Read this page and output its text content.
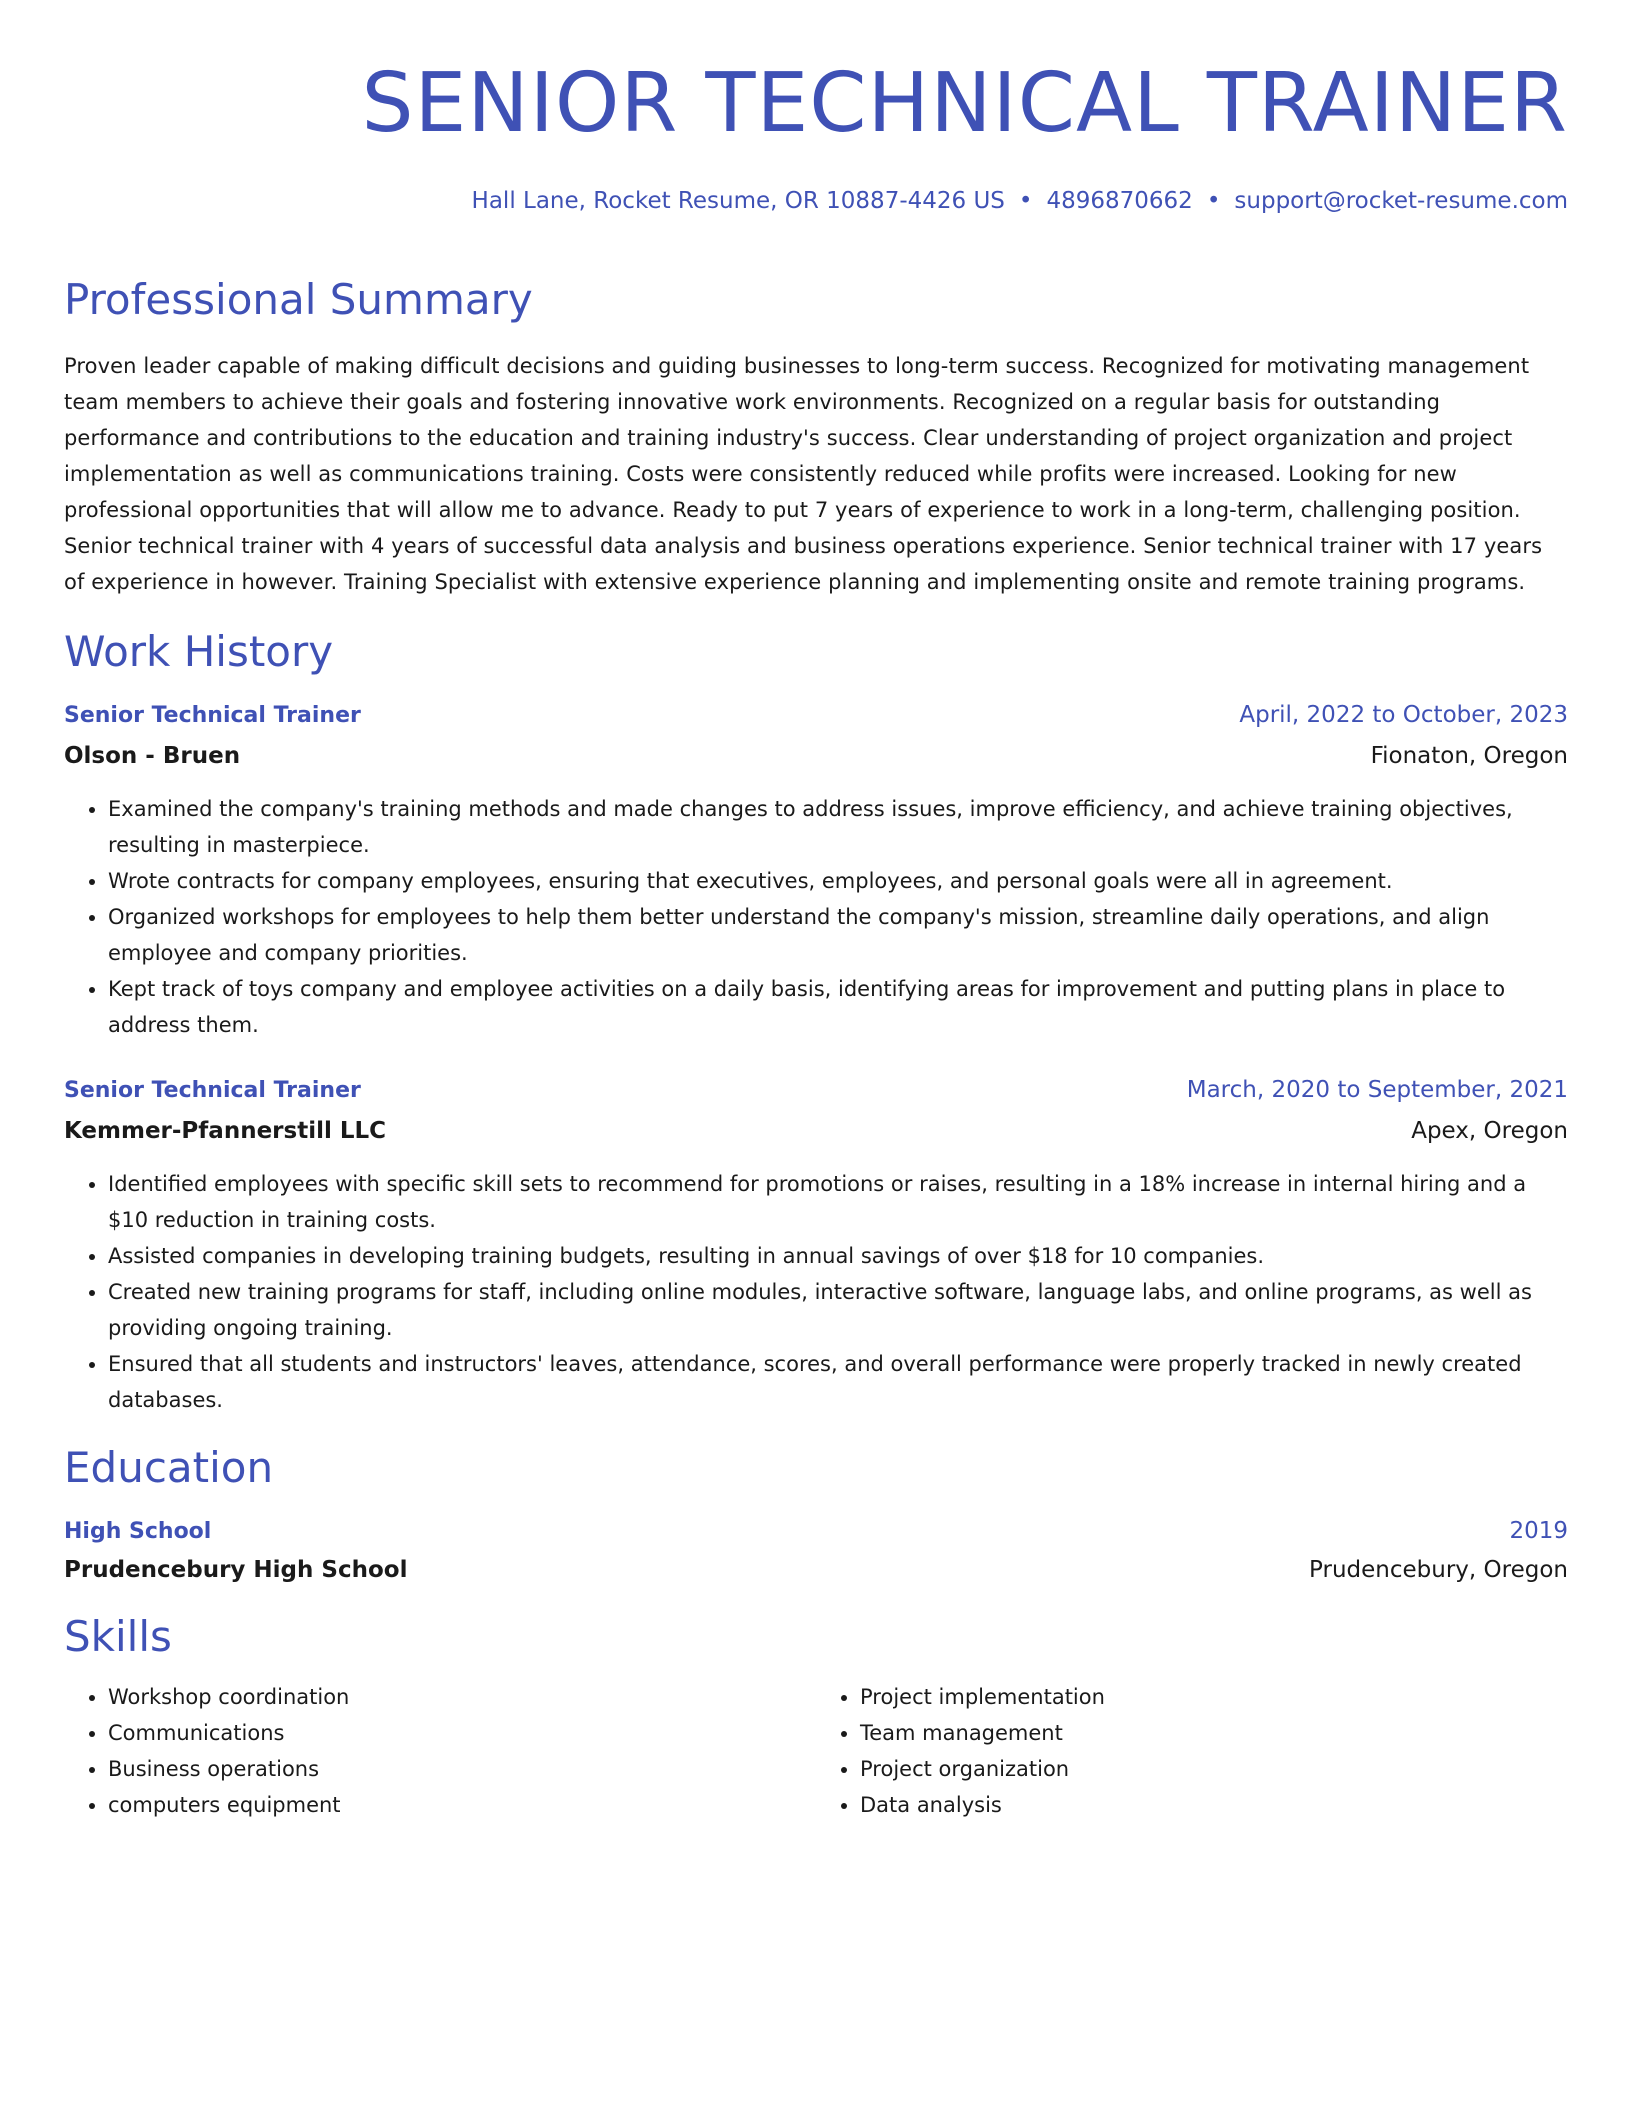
SENIOR TECHNICAL TRAINER
Hall Lane, Rocket Resume, OR 10887-4426 US • 4896870662 • support@rocket-resume.com
Professional Summary
Proven leader capable of making difficult decisions and guiding businesses to long-term success. Recognized for motivating management team members to achieve their goals and fostering innovative work environments. Recognized on a regular basis for outstanding performance and contributions to the education and training industry's success. Clear understanding of project organization and project implementation as well as communications training. Costs were consistently reduced while profits were increased. Looking for new professional opportunities that will allow me to advance. Ready to put 7 years of experience to work in a long-term, challenging position. Senior technical trainer with 4 years of successful data analysis and business operations experience. Senior technical trainer with 17 years of experience in however. Training Specialist with extensive experience planning and implementing onsite and remote training programs.
Work History
Senior Technical Trainer	April, 2022 to October, 2023
Olson - Bruen	Fionaton, Oregon
• Examined the company's training methods and made changes to address issues, improve efficiency, and achieve training objectives, resulting in masterpiece.
• Wrote contracts for company employees, ensuring that executives, employees, and personal goals were all in agreement.
• Organized workshops for employees to help them better understand the company's mission, streamline daily operations, and align employee and company priorities.
• Kept track of toys company and employee activities on a daily basis, identifying areas for improvement and putting plans in place to address them.
Senior Technical Trainer	March, 2020 to September, 2021
Kemmer-Pfannerstill LLC	Apex, Oregon
• Identified employees with specific skill sets to recommend for promotions or raises, resulting in a 18% increase in internal hiring and a $10 reduction in training costs.
• Assisted companies in developing training budgets, resulting in annual savings of over $18 for 10 companies.
• Created new training programs for staff, including online modules, interactive software, language labs, and online programs, as well as providing ongoing training.
• Ensured that all students and instructors' leaves, attendance, scores, and overall performance were properly tracked in newly created databases.
Education
High School	2019
Prudencebury High School	Prudencebury, Oregon
Skills
• Workshop coordination
• Communications
• Business operations
• computers equipment
• Project implementation
• Team management
• Project organization
• Data analysis
